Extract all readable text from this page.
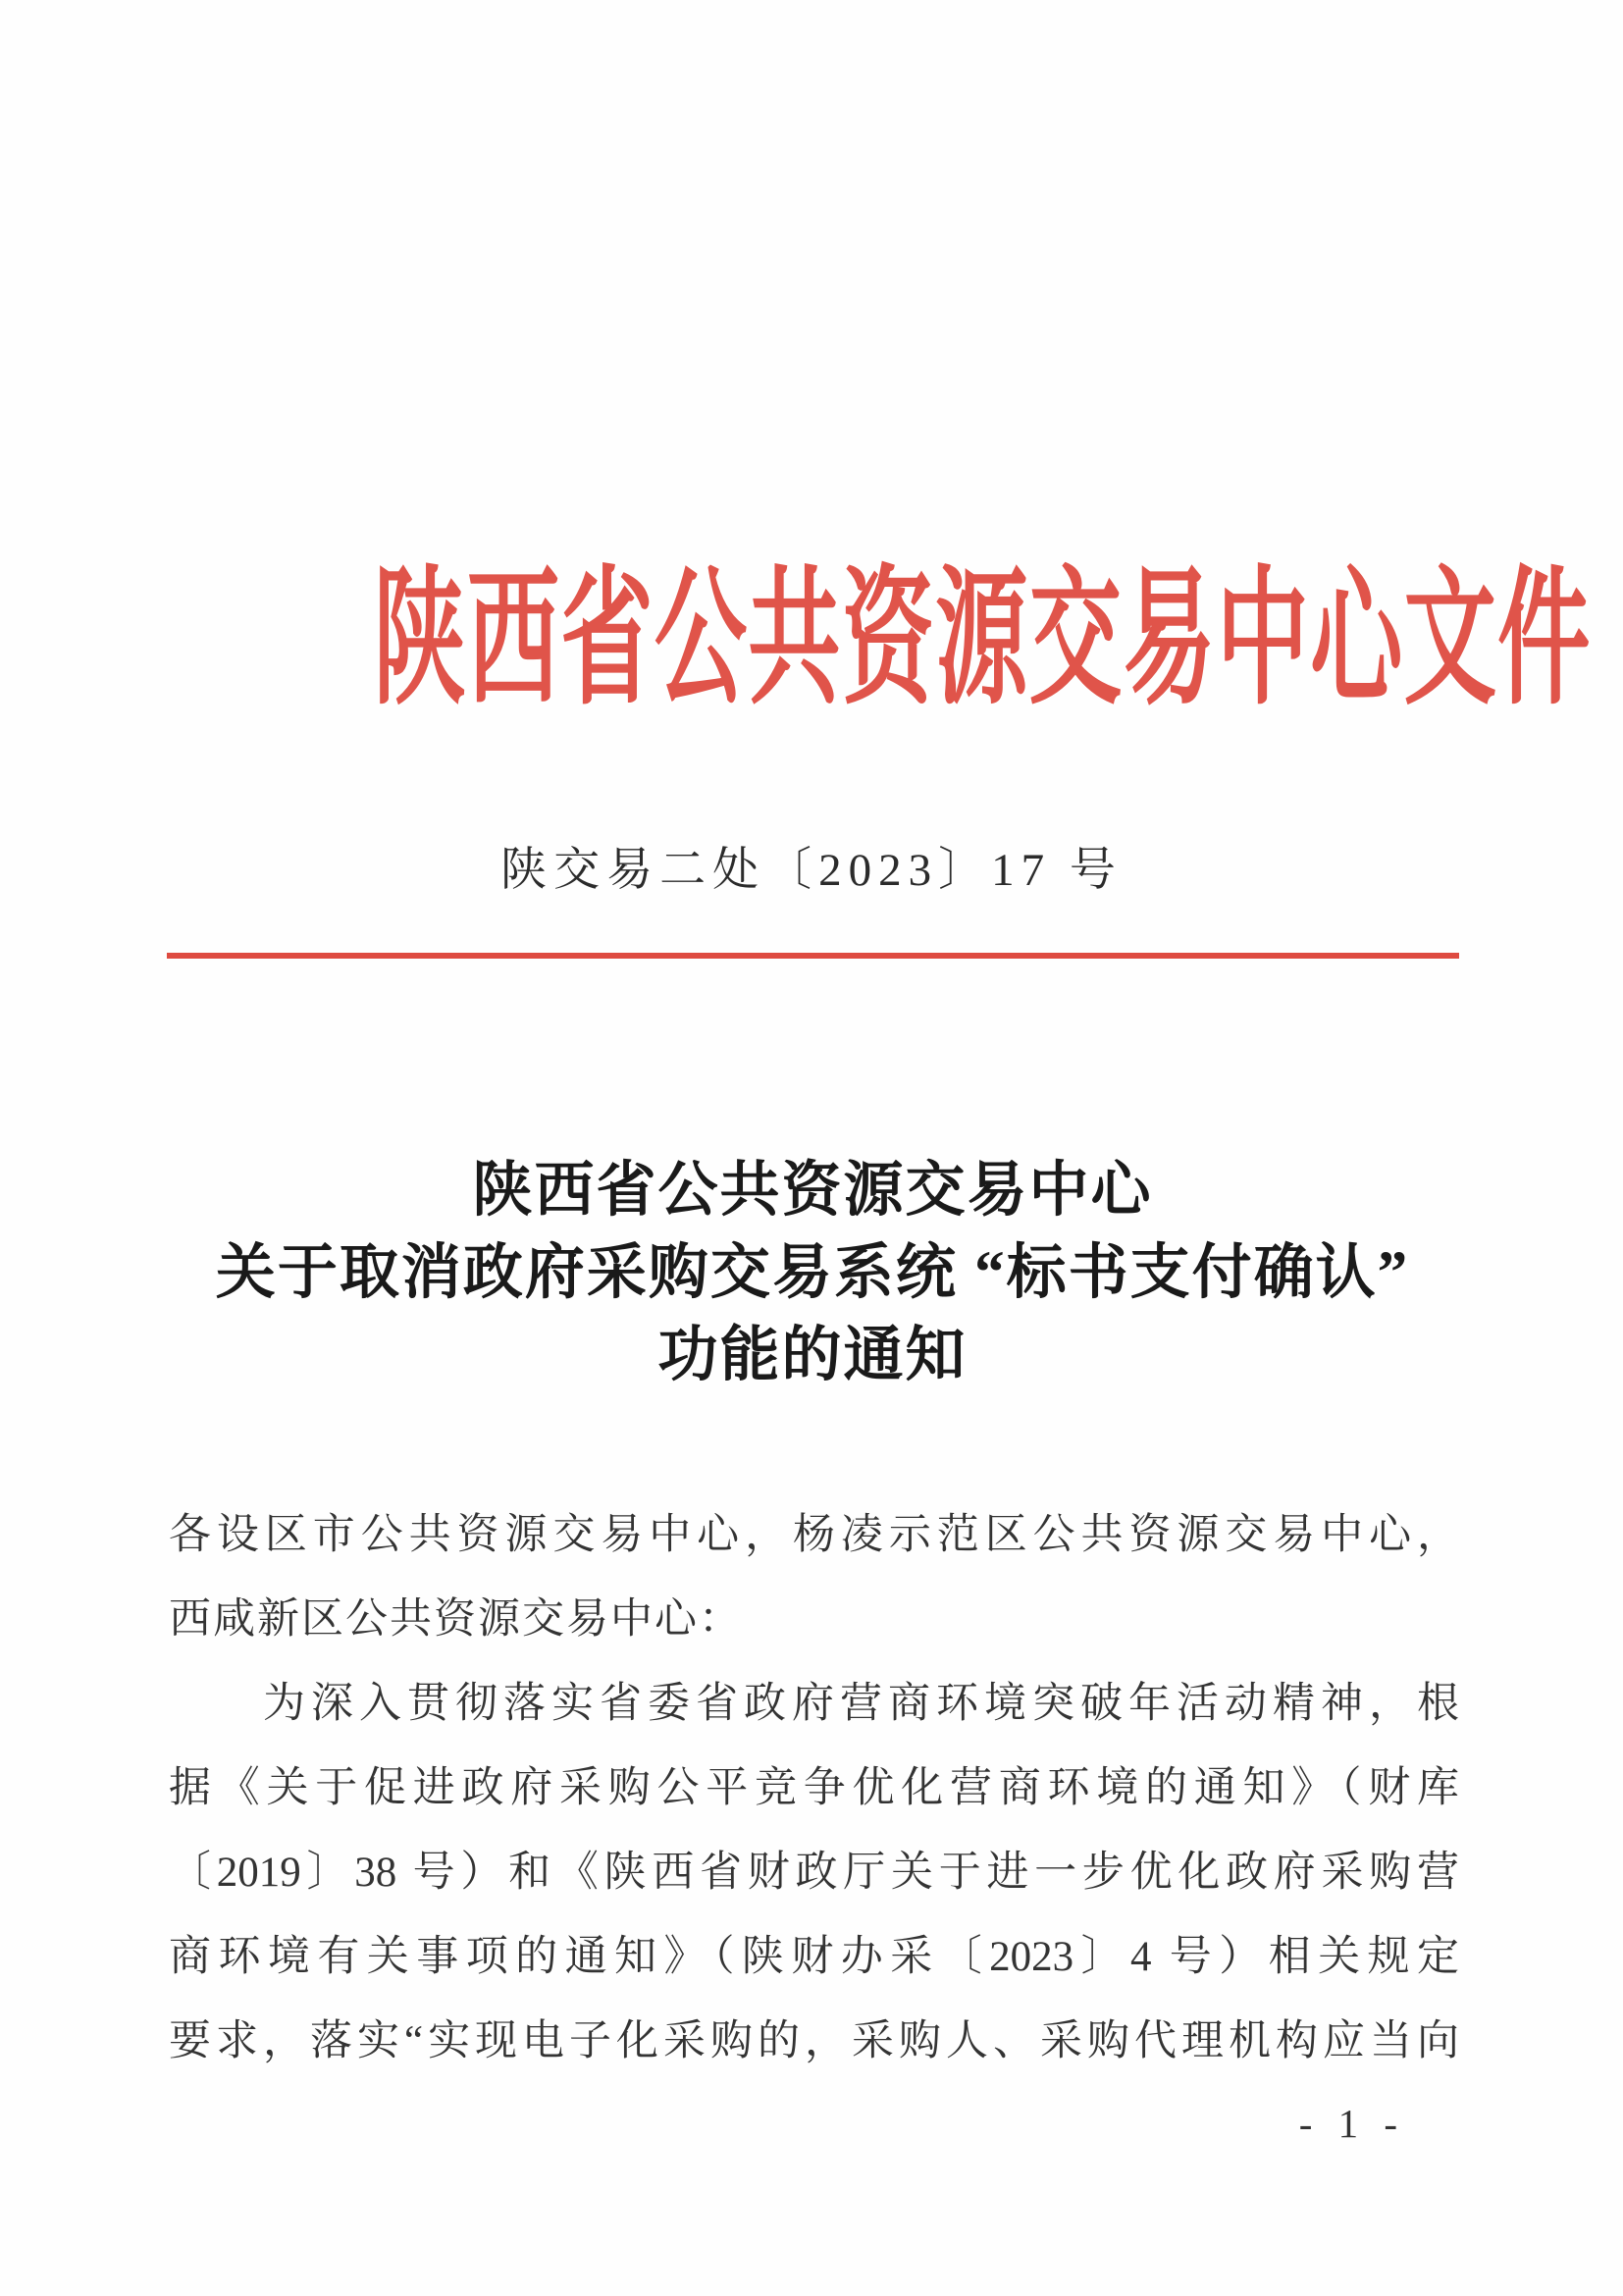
陕西省公共资源交易中心文件
陕交易二处〔2023〕17 号
陕西省公共资源交易中心
关于取消政府采购交易系统 “标书支付确认”
功能的通知
各设区市公共资源交易中心，杨凌示范区公共资源交易中心，
西咸新区公共资源交易中心：
为深入贯彻落实省委省政府营商环境突破年活动精神，根
据《关于促进政府采购公平竞争优化营商环境的通知》（财库
〔2019〕38 号）和《陕西省财政厅关于进一步优化政府采购营
商环境有关事项的通知》（陕财办采〔2023〕4 号）相关规定
要求，落实“实现电子化采购的，采购人、采购代理机构应当向
- 1 -
